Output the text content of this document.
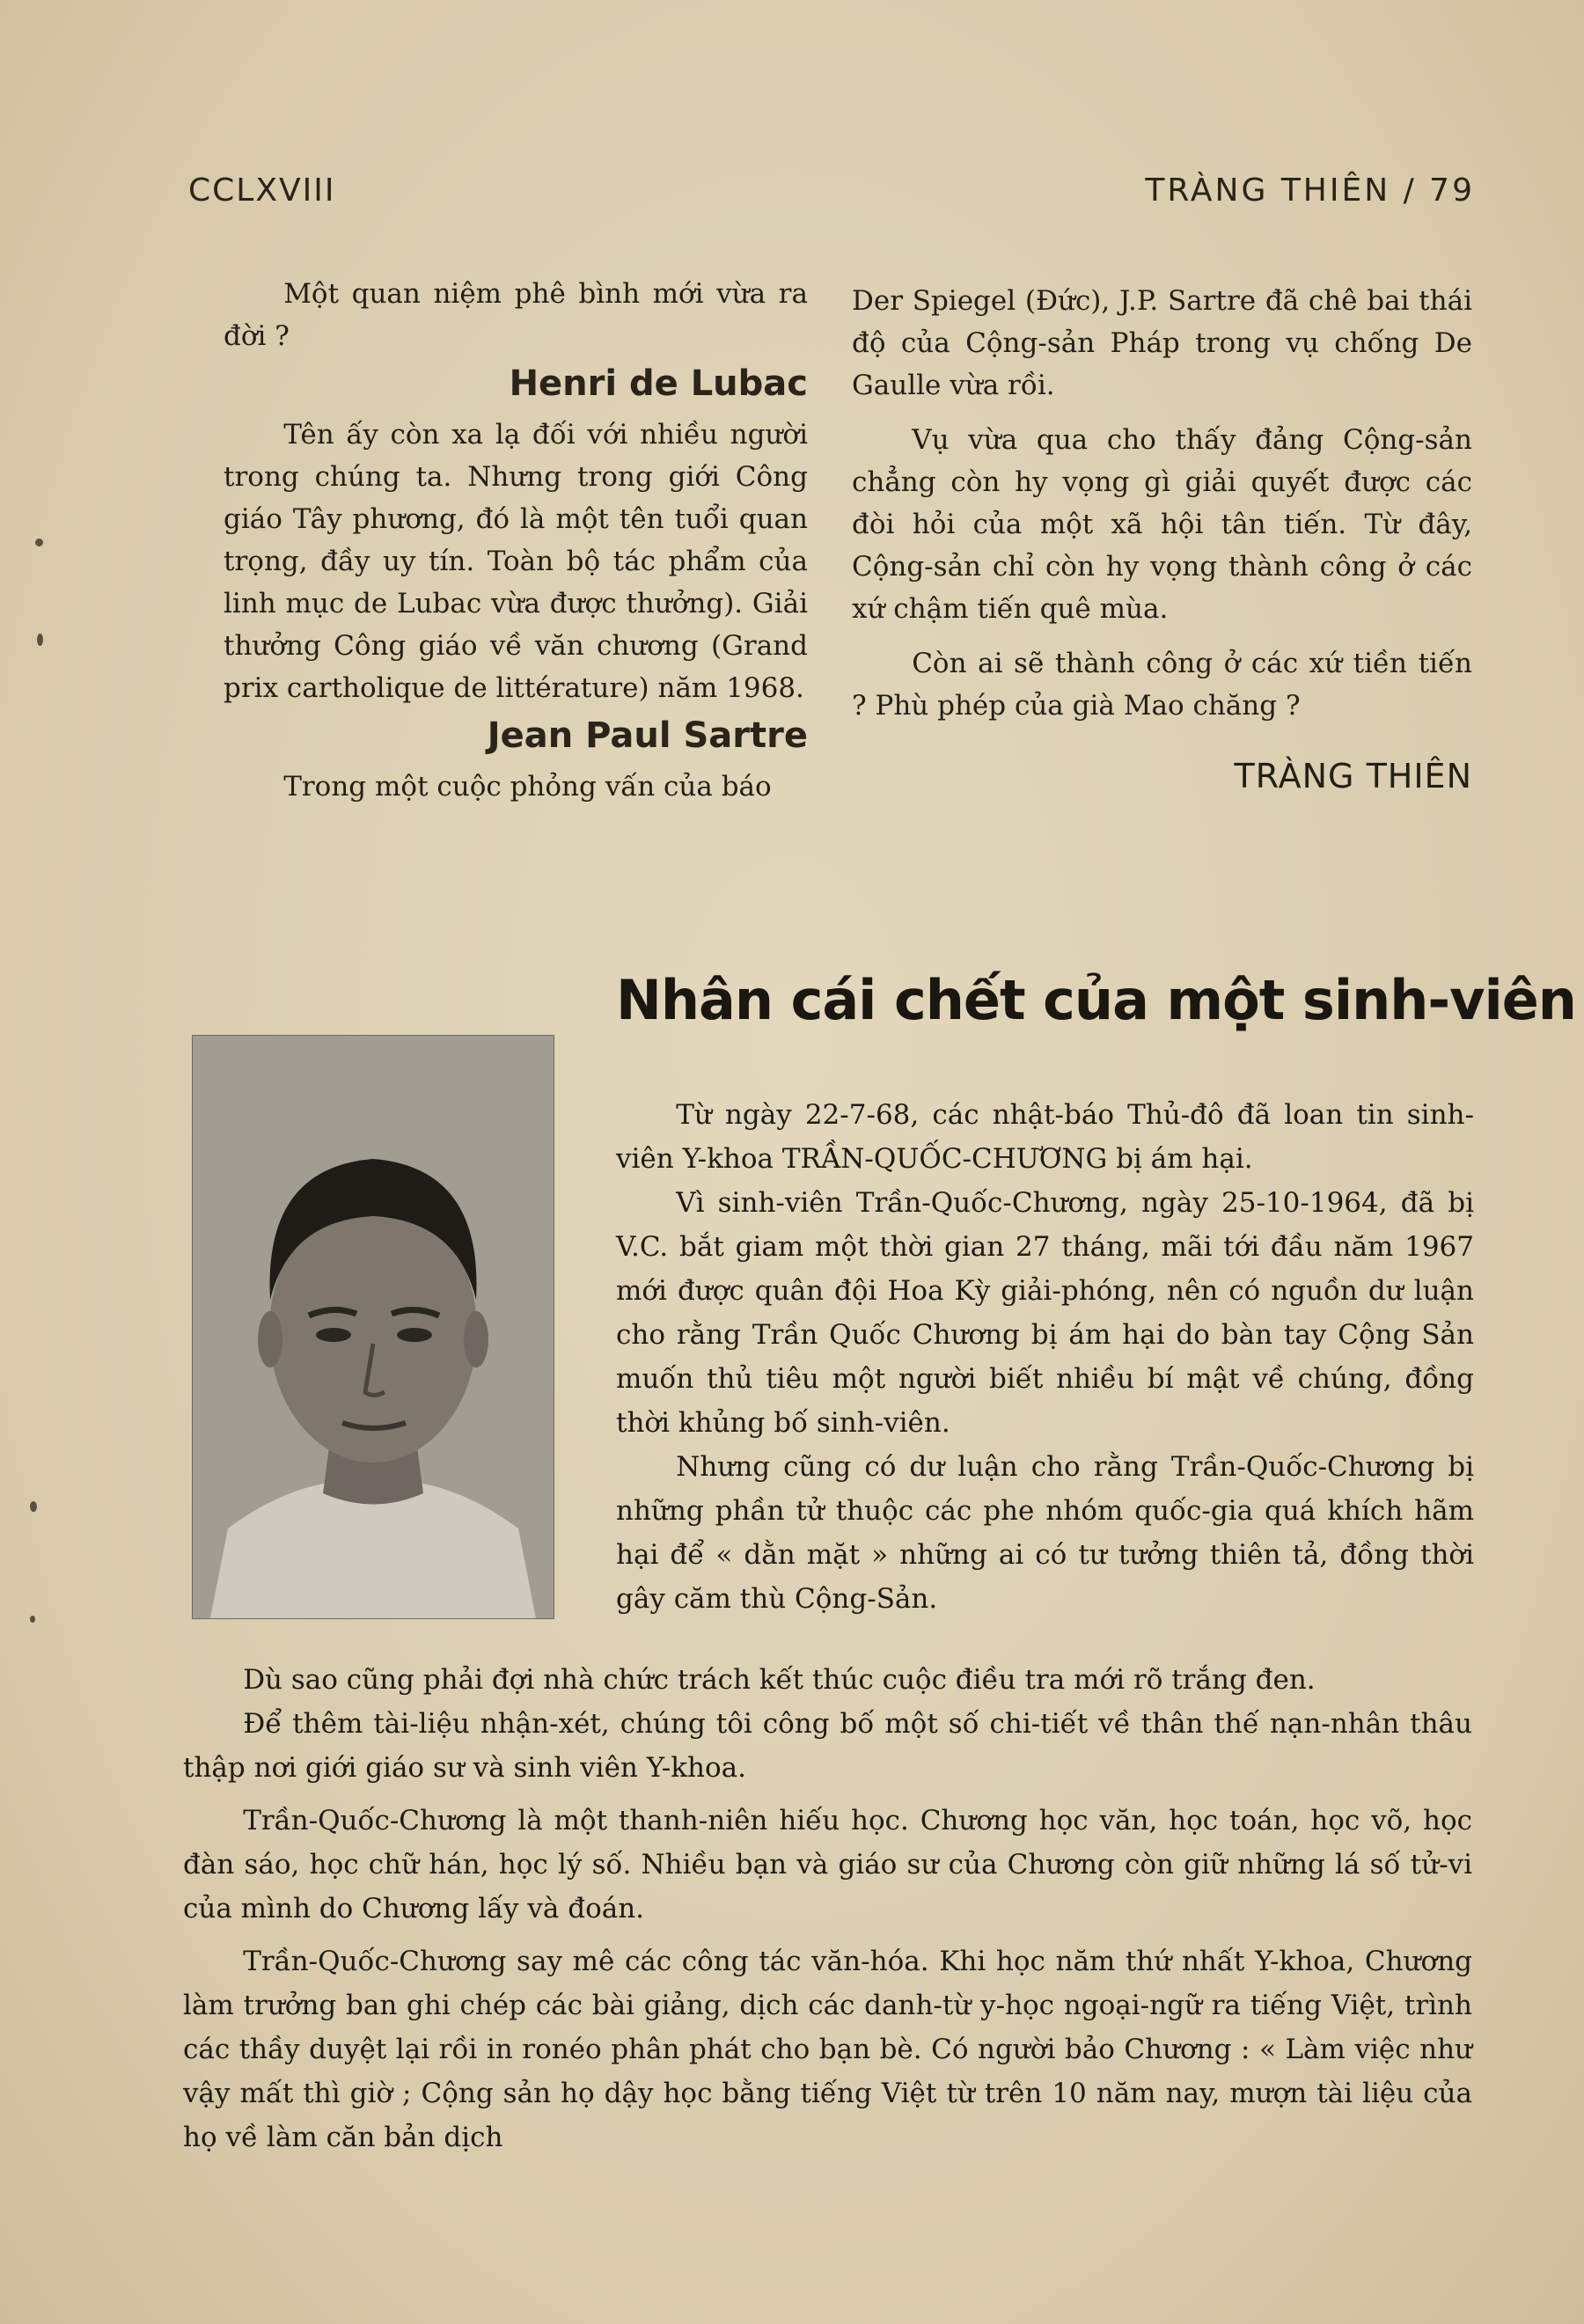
CCLXVIII	TRÀNG THIÊN / 79

Một quan niệm phê bình mới vừa ra đời ?

Henri de Lubac

Tên ấy còn xa lạ đối với nhiều người trong chúng ta. Nhưng trong giới Công giáo Tây phương, đó là một tên tuổi quan trọng, đầy uy tín. Toàn bộ tác phẩm của linh mục de Lubac vừa được thưởng). Giải thưởng Công giáo về văn chương (Grand prix cartholique de littérature) năm 1968.

Jean Paul Sartre

Trong một cuộc phỏng vấn của báo

Der Spiegel (Đức), J.P. Sartre đã chê bai thái độ của Cộng-sản Pháp trong vụ chống De Gaulle vừa rồi.

Vụ vừa qua cho thấy đảng Cộng-sản chẳng còn hy vọng gì giải quyết được các đòi hỏi của một xã hội tân tiến. Từ đây, Cộng-sản chỉ còn hy vọng thành công ở các xứ chậm tiến quê mùa.

Còn ai sẽ thành công ở các xứ tiền tiến ? Phù phép của già Mao chăng ?

TRÀNG THIÊN

Nhân cái chết của một sinh-viên

Từ ngày 22-7-68, các nhật-báo Thủ-đô đã loan tin sinh-viên Y-khoa TRẦN-QUỐC-CHƯƠNG bị ám hại.

Vì sinh-viên Trần-Quốc-Chương, ngày 25-10-1964, đã bị V.C. bắt giam một thời gian 27 tháng, mãi tới đầu năm 1967 mới được quân đội Hoa Kỳ giải-phóng, nên có nguồn dư luận cho rằng Trần Quốc Chương bị ám hại do bàn tay Cộng Sản muốn thủ tiêu một người biết nhiều bí mật về chúng, đồng thời khủng bố sinh-viên.

Nhưng cũng có dư luận cho rằng Trần-Quốc-Chương bị những phần tử thuộc các phe nhóm quốc-gia quá khích hãm hại để « dằn mặt » những ai có tư tưởng thiên tả, đồng thời gây căm thù Cộng-Sản.

Dù sao cũng phải đợi nhà chức trách kết thúc cuộc điều tra mới rõ trắng đen.

Để thêm tài-liệu nhận-xét, chúng tôi công bố một số chi-tiết về thân thế nạn-nhân thâu thập nơi giới giáo sư và sinh viên Y-khoa.

Trần-Quốc-Chương là một thanh-niên hiếu học. Chương học văn, học toán, học võ, học đàn sáo, học chữ hán, học lý số. Nhiều bạn và giáo sư của Chương còn giữ những lá số tử-vi của mình do Chương lấy và đoán.

Trần-Quốc-Chương say mê các công tác văn-hóa. Khi học năm thứ nhất Y-khoa, Chương làm trưởng ban ghi chép các bài giảng, dịch các danh-từ y-học ngoại-ngữ ra tiếng Việt, trình các thầy duyệt lại rồi in ronéo phân phát cho bạn bè. Có người bảo Chương : « Làm việc như vậy mất thì giờ ; Cộng sản họ dậy học bằng tiếng Việt từ trên 10 năm nay, mượn tài liệu của họ về làm căn bản dịch
